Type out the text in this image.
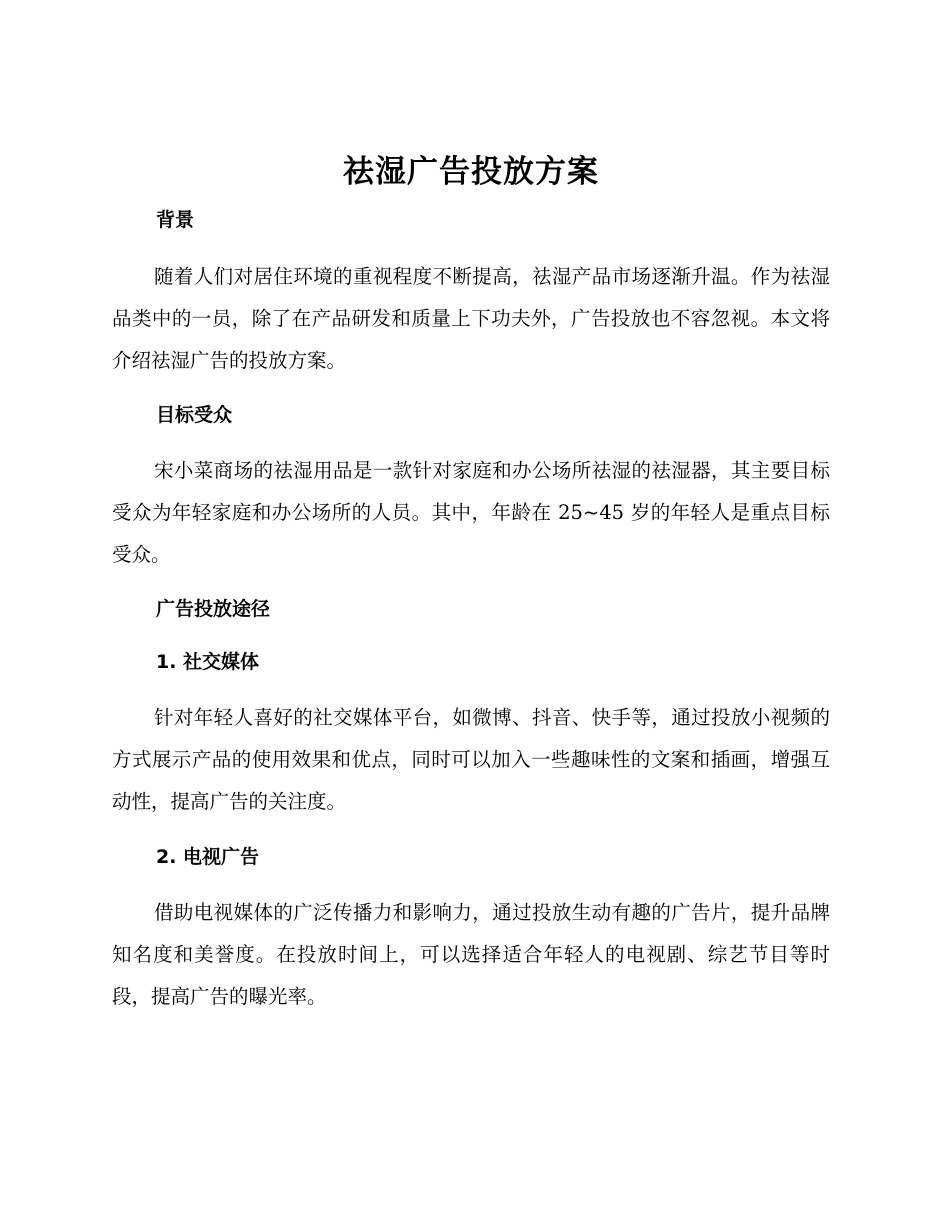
祛湿广告投放方案
背景

随着人们对居住环境的重视程度不断提高，祛湿产品市场逐渐升温。作为祛湿品类中的一员，除了在产品研发和质量上下功夫外，广告投放也不容忽视。本文将介绍祛湿广告的投放方案。

目标受众

宋小菜商场的祛湿用品是一款针对家庭和办公场所祛湿的祛湿器，其主要目标受众为年轻家庭和办公场所的人员。其中，年龄在 25~45 岁的年轻人是重点目标受众。

广告投放途径
1. 社交媒体

针对年轻人喜好的社交媒体平台，如微博、抖音、快手等，通过投放小视频的方式展示产品的使用效果和优点，同时可以加入一些趣味性的文案和插画，增强互动性，提高广告的关注度。

2. 电视广告

借助电视媒体的广泛传播力和影响力，通过投放生动有趣的广告片，提升品牌知名度和美誉度。在投放时间上，可以选择适合年轻人的电视剧、综艺节目等时段，提高广告的曝光率。
